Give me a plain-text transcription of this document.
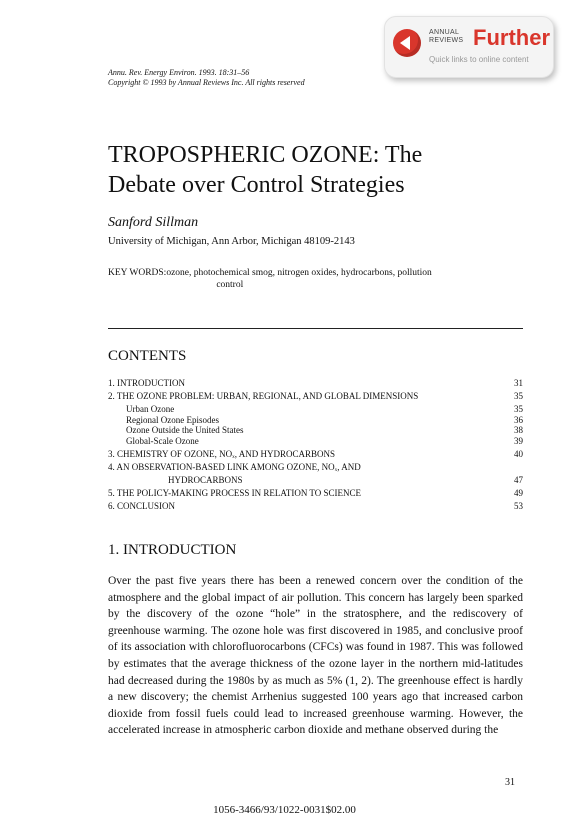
ANNUAL REVIEWS Further
Quick links to online content
Annu. Rev. Energy Environ. 1993. 18:31–56
Copyright © 1993 by Annual Reviews Inc. All rights reserved
TROPOSPHERIC OZONE: The
Debate over Control Strategies
Sanford Sillman
University of Michigan, Ann Arbor, Michigan 48109-2143
KEY WORDS:ozone, photochemical smog, nitrogen oxides, hydrocarbons, pollution
control
CONTENTS
1. INTRODUCTION	31
2. THE OZONE PROBLEM: URBAN, REGIONAL, AND GLOBAL DIMENSIONS	35
Urban Ozone	35
Regional Ozone Episodes	36
Ozone Outside the United States	38
Global-Scale Ozone	39
3. CHEMISTRY OF OZONE, NOₓ, AND HYDROCARBONS	40
4. AN OBSERVATION-BASED LINK AMONG OZONE, NOₓ, AND
HYDROCARBONS	47
5. THE POLICY-MAKING PROCESS IN RELATION TO SCIENCE	49
6. CONCLUSION	53
1. INTRODUCTION

Over the past five years there has been a renewed concern over the condition of the atmosphere and the global impact of air pollution. This concern has largely been sparked by the discovery of the ozone “hole” in the stratosphere, and the rediscovery of greenhouse warming. The ozone hole was first discovered in 1985, and conclusive proof of its association with chlorofluorocarbons (CFCs) was found in 1987. This was followed by estimates that the average thickness of the ozone layer in the northern mid-latitudes had decreased during the 1980s by as much as 5% (1, 2). The greenhouse effect is hardly a new discovery; the chemist Arrhenius suggested 100 years ago that increased carbon dioxide from fossil fuels could lead to increased greenhouse warming. However, the accelerated increase in atmospheric carbon dioxide and methane observed during the

31
1056-3466/93/1022-0031$02.00
